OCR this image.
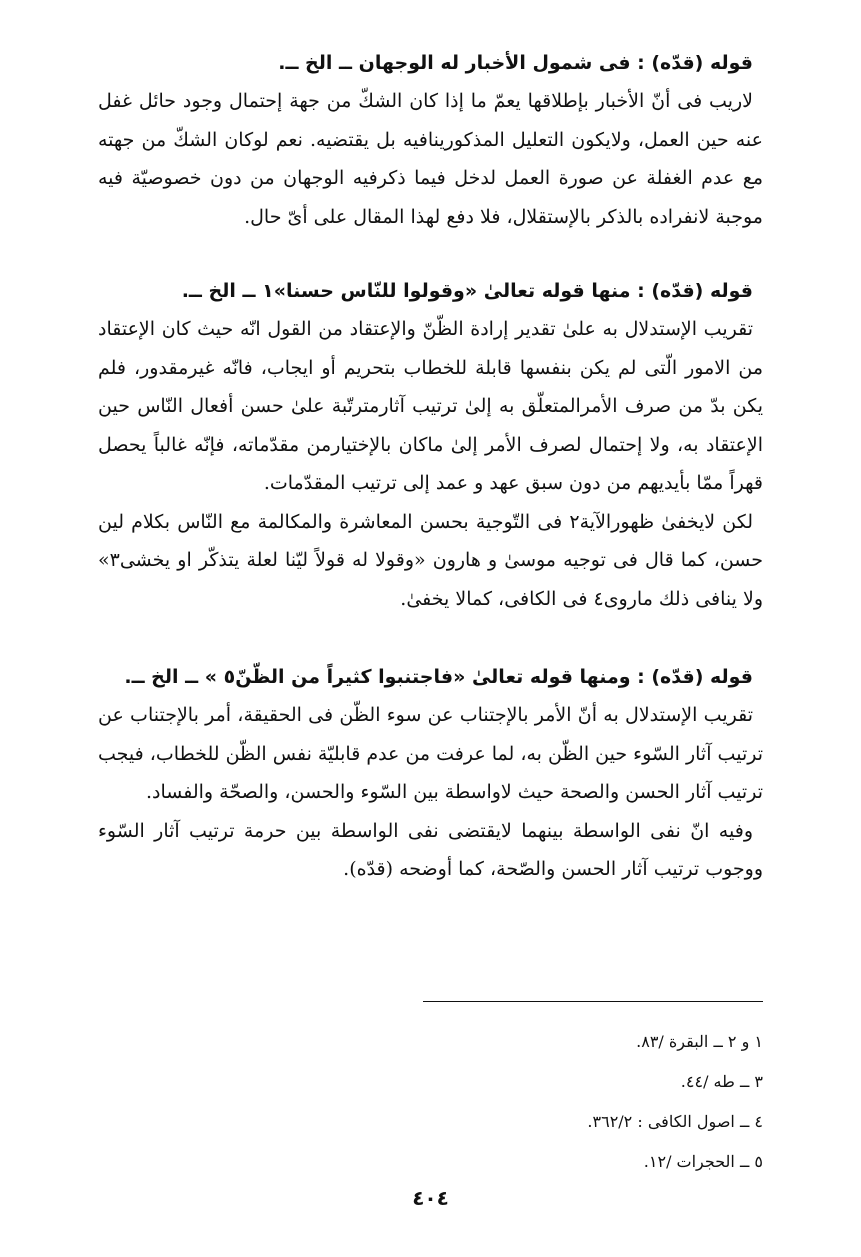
قوله (قدّه) : فى شمول الأخبار له الوجهان ــ الخ ــ.

لاريب فى أنّ الأخبار بإطلاقها يعمّ ما إذا كان الشكّ من جهة إحتمال وجود حائل غفل عنه حين العمل، ولايكون التعليل المذكورينافيه بل يقتضيه. نعم لوكان الشكّ من جهته مع عدم الغفلة عن صورة العمل لدخل فيما ذكرفيه الوجهان من دون خصوصيّة فيه موجبة لانفراده بالذكر بالإستقلال، فلا دفع لهذا المقال على أىّ حال.

قوله (قدّه) : منها قوله تعالىٰ «وقولوا للنّاس حسنا»١ ــ الخ ــ.

تقريب الإستدلال به علىٰ تقدير إرادة الظّنّ والإعتقاد من القول انّه حيث كان الإعتقاد من الامور الّتى لم يكن بنفسها قابلة للخطاب بتحريم أو ايجاب، فانّه غيرمقدور، فلم يكن بدّ من صرف الأمرالمتعلّق به إلىٰ ترتيب آثارمترتّبة علىٰ حسن أفعال النّاس حين الإعتقاد به، ولا إحتمال لصرف الأمر إلىٰ ماكان بالإختيارمن مقدّماته، فإنّه غالباً يحصل قهراً ممّا بأيديهم من دون سبق عهد و عمد إلى ترتيب المقدّمات.

لكن لايخفىٰ ظهورالآية٢ فى التّوجية بحسن المعاشرة والمكالمة مع النّاس بكلام لين حسن، كما قال فى توجيه موسىٰ و هارون «وقولا له قولاً ليّنا لعلة يتذكّر او يخشى٣» ولا ينافى ذلك ماروى٤ فى الكافى، كمالا يخفىٰ.

قوله (قدّه) : ومنها قوله تعالىٰ «فاجتنبوا كثيراً من الظّنّ٥ » ــ الخ ــ.

تقريب الإستدلال به أنّ الأمر بالإجتناب عن سوء الظّن فى الحقيقة، أمر بالإجتناب عن ترتيب آثار السّوء حين الظّن به، لما عرفت من عدم قابليّة نفس الظّن للخطاب، فيجب ترتيب آثار الحسن والصحة حيث لاواسطة بين السّوء والحسن، والصحّة والفساد.

وفيه انّ نفى الواسطة بينهما لايقتضى نفى الواسطة بين حرمة ترتيب آثار السّوء ووجوب ترتيب آثار الحسن والصّحة، كما أوضحه (قدّه).

١ و ٢ ــ البقرة /٨٣.
٣ ــ طه /٤٤.
٤ ــ اصول الكافى : ٣٦٢/٢.
٥ ــ الحجرات /١٢.
٤٠٤
